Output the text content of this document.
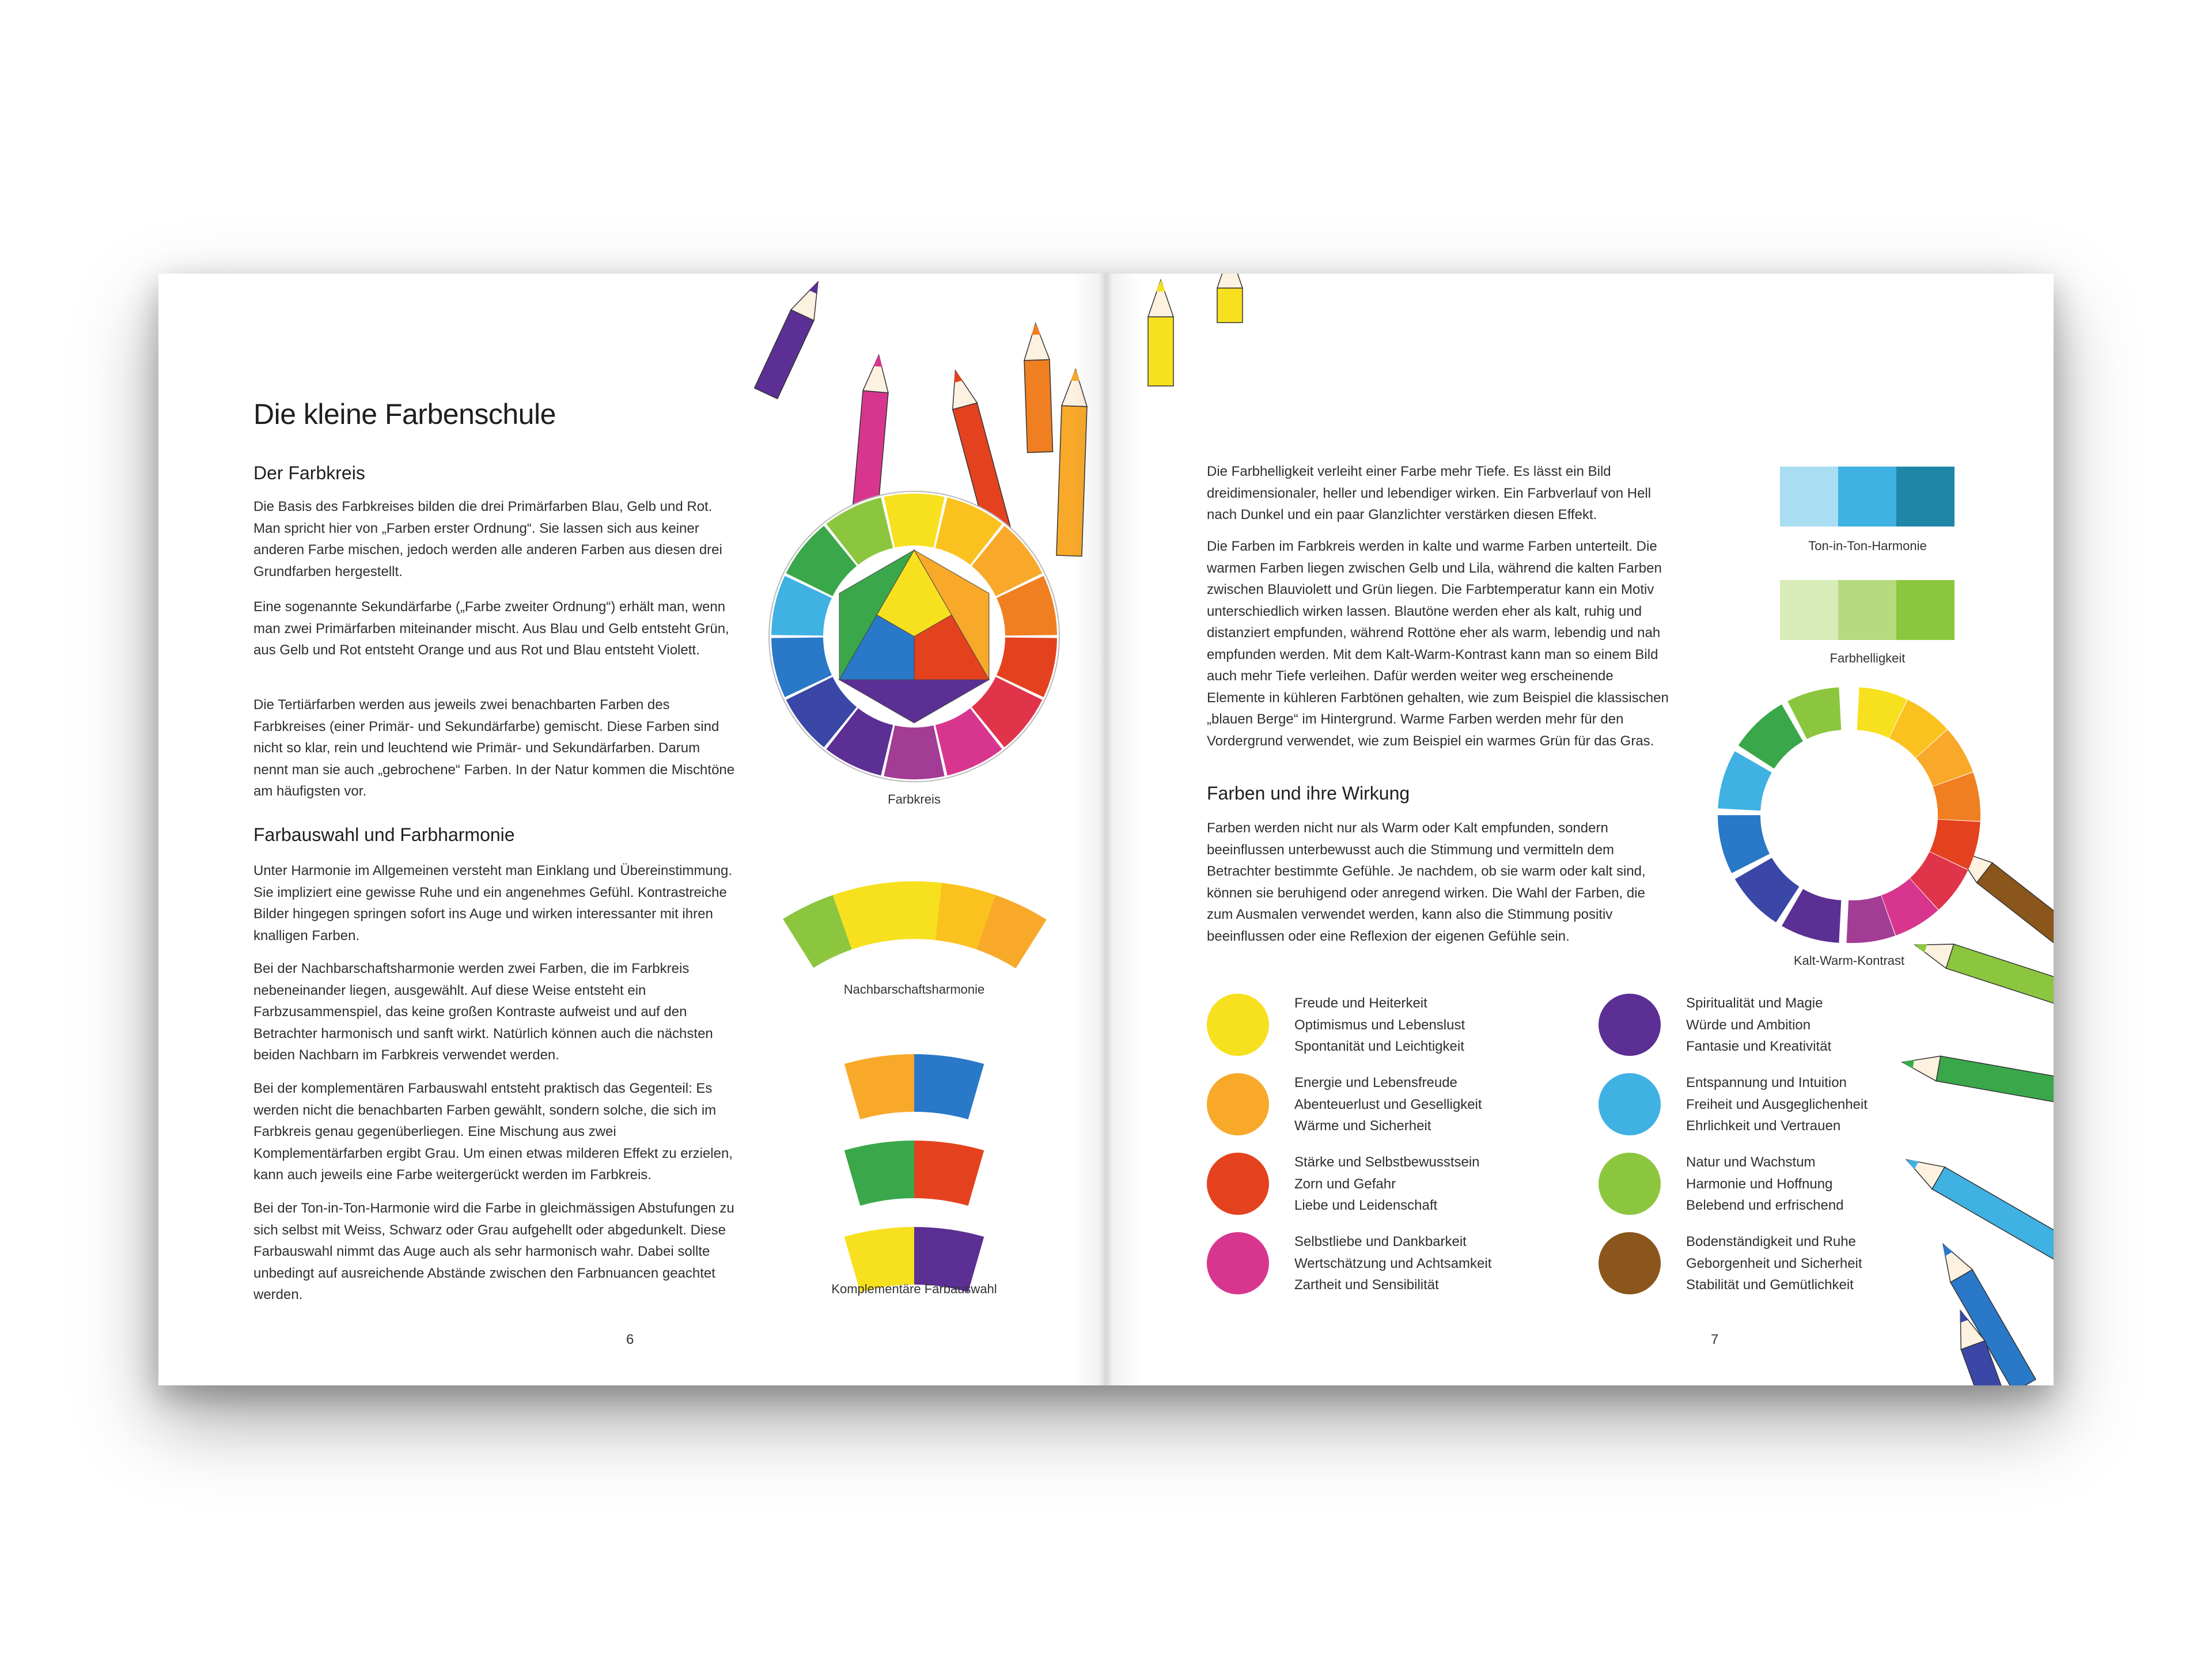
Die kleine Farbenschule
Der Farbkreis

Die Basis des Farbkreises bilden die drei Primärfarben Blau, Gelb und Rot. Man spricht hier von „Farben erster Ordnung“. Sie lassen sich aus keiner anderen Farbe mischen, jedoch werden alle anderen Farben aus diesen drei Grundfarben hergestellt.

Eine sogenannte Sekundärfarbe („Farbe zweiter Ordnung“) erhält man, wenn man zwei Primärfarben miteinander mischt. Aus Blau und Gelb entsteht Grün, aus Gelb und Rot entsteht Orange und aus Rot und Blau entsteht Violett.

Die Tertiärfarben werden aus jeweils zwei benachbarten Farben des Farbkreises (einer Primär- und Sekundärfarbe) gemischt. Diese Farben sind nicht so klar, rein und leuchtend wie Primär- und Sekundärfarben. Darum nennt man sie auch „gebrochene“ Farben. In der Natur kommen die Mischtöne am häufigsten vor.

Farbauswahl und Farbharmonie

Unter Harmonie im Allgemeinen versteht man Einklang und Übereinstimmung. Sie impliziert eine gewisse Ruhe und ein angenehmes Gefühl. Kontrastreiche Bilder hingegen springen sofort ins Auge und wirken interessanter mit ihren knalligen Farben.

Bei der Nachbarschaftsharmonie werden zwei Farben, die im Farbkreis nebeneinander liegen, ausgewählt. Auf diese Weise entsteht ein Farbzusammenspiel, das keine großen Kontraste aufweist und auf den Betrachter harmonisch und sanft wirkt. Natürlich können auch die nächsten beiden Nachbarn im Farbkreis verwendet werden.

Bei der komplementären Farbauswahl entsteht praktisch das Gegenteil: Es werden nicht die benachbarten Farben gewählt, sondern solche, die sich im Farbkreis genau gegenüberliegen. Eine Mischung aus zwei Komplementärfarben ergibt Grau. Um einen etwas milderen Effekt zu erzielen, kann auch jeweils eine Farbe weitergerückt werden im Farbkreis.

Bei der Ton-in-Ton-Harmonie wird die Farbe in gleichmässigen Abstufungen zu sich selbst mit Weiss, Schwarz oder Grau aufgehellt oder abgedunkelt. Diese Farbauswahl nimmt das Auge auch als sehr harmonisch wahr. Dabei sollte unbedingt auf ausreichende Abstände zwischen den Farbnuancen geachtet werden.

Farbkreis
Nachbarschaftsharmonie
Komplementäre Farbauswahl
6

Die Farbhelligkeit verleiht einer Farbe mehr Tiefe. Es lässt ein Bild dreidimensionaler, heller und lebendiger wirken. Ein Farbverlauf von Hell nach Dunkel und ein paar Glanzlichter verstärken diesen Effekt.

Die Farben im Farbkreis werden in kalte und warme Farben unterteilt. Die warmen Farben liegen zwischen Gelb und Lila, während die kalten Farben zwischen Blauviolett und Grün liegen. Die Farbtemperatur kann ein Motiv unterschiedlich wirken lassen. Blautöne werden eher als kalt, ruhig und distanziert empfunden, während Rottöne eher als warm, lebendig und nah empfunden werden. Mit dem Kalt-Warm-Kontrast kann man so einem Bild auch mehr Tiefe verleihen. Dafür werden weiter weg erscheinende Elemente in kühleren Farbtönen gehalten, wie zum Beispiel die klassischen „blauen Berge“ im Hintergrund. Warme Farben werden mehr für den Vordergrund verwendet, wie zum Beispiel ein warmes Grün für das Gras.

Farben und ihre Wirkung

Farben werden nicht nur als Warm oder Kalt empfunden, sondern beeinflussen unterbewusst auch die Stimmung und vermitteln dem Betrachter bestimmte Gefühle. Je nachdem, ob sie warm oder kalt sind, können sie beruhigend oder anregend wirken. Die Wahl der Farben, die zum Ausmalen verwendet werden, kann also die Stimmung positiv beeinflussen oder eine Reflexion der eigenen Gefühle sein.

Ton-in-Ton-Harmonie
Farbhelligkeit
Kalt-Warm-Kontrast
Freude und Heiterkeit
Optimismus und Lebenslust
Spontanität und Leichtigkeit
Energie und Lebensfreude
Abenteuerlust und Geselligkeit
Wärme und Sicherheit
Stärke und Selbstbewusstsein
Zorn und Gefahr
Liebe und Leidenschaft
Selbstliebe und Dankbarkeit
Wertschätzung und Achtsamkeit
Zartheit und Sensibilität
Spiritualität und Magie
Würde und Ambition
Fantasie und Kreativität
Entspannung und Intuition
Freiheit und Ausgeglichenheit
Ehrlichkeit und Vertrauen
Natur und Wachstum
Harmonie und Hoffnung
Belebend und erfrischend
Bodenständigkeit und Ruhe
Geborgenheit und Sicherheit
Stabilität und Gemütlichkeit
7
